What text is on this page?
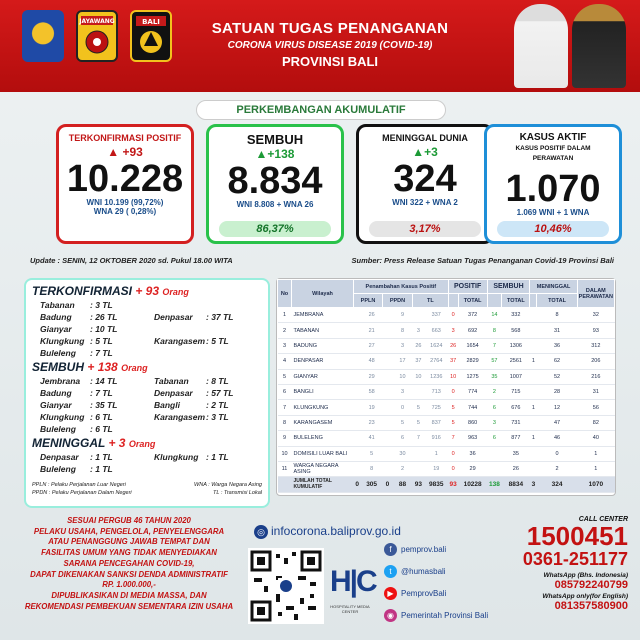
JAYAWANG	BALI	SATUAN TUGAS PENANGANAN
CORONA VIRUS DISEASE 2019 (COVID-19)
PROVINSI BALI
PERKEMBANGAN AKUMULATIF
TERKONFIRMASI POSITIF
▲ +93
10.228
WNI 10.199 (99,72%)
WNA 29 ( 0,28%)
SEMBUH
▲+138
8.834
WNI 8.808 + WNA 26
86,37%
MENINGGAL DUNIA
▲+3
324
WNI 322 + WNA 2
3,17%
KASUS AKTIF
KASUS POSITIF DALAM PERAWATAN
1.070
1.069 WNI + 1 WNA
10,46%
Update : SENIN, 12 OKTOBER 2020 sd. Pukul 18.00 WITA	Sumber: Press Release Satuan Tugas Penanganan Covid-19 Provinsi Bali
TERKONFIRMASI + 93 Orang
Tabanan : 3 TL
Badung : 26 TL	Denpasar : 37 TL
Gianyar : 10 TL
Klungkung : 5 TL	Karangasem : 5 TL
Buleleng : 7 TL
SEMBUH + 138 Orang
Jembrana : 14 TL	Tabanan : 8 TL
Badung : 7 TL	Denpasar : 57 TL
Gianyar : 35 TL	Bangli	: 2 TL
Klungkung : 6 TL	Karangasem : 3 TL
Buleleng : 6 TL
MENINGGAL + 3 Orang
Denpasar : 1 TL	Klungkung : 1 TL
Buleleng : 1 TL
PPLN : Pelaku Perjalanan Luar Negeri	WNA : Warga Negara Asing
PPDN : Pelaku Perjalanan Dalam Negeri	TL : Transmisi Lokal
No	Wilayah	Penambahan Kasus Positif						POSITIF		SEMBUH		MENINGGAL		DALAM PERAWATAN
		PPLN		PPDN		TL			TOTAL		TOTAL		TOTAL	
1	JEMBRANA		26		9		337	0	372	14	332		8	32
2	TABANAN		21		8	3	663	3	692	8	568		31	93
3	BADUNG		27		3	26	1624	26	1654	7	1306		36	312
4	DENPASAR		48		17	37	2764	37	2829	57	2561	1	62	206
5	GIANYAR		29		10	10	1236	10	1275	35	1007		52	216
6	BANGLI		58		3		713	0	774	2	715		28	31
7	KLUNGKUNG		19		0	5	725	5	744	6	676	1	12	56
8	KARANGASEM		23		5	5	837	5	860	3	731		47	82
9	BULELENG		41		6	7	916	7	963	6	877	1	46	40
10	DOMISILI LUAR BALI		5		30		1	0	36		35		0	1
11	WARGA NEGARA ASING		8		2		19	0	29		26		2	1
	JUMLAH TOTAL KUMULATIF	0	305	0	88	93	9835	93	10228	138	8834	3	324	1070
SESUAI PERGUB 46 TAHUN 2020
PELAKU USAHA, PENGELOLA, PENYELENGGARA
ATAU PENANGGUNG JAWAB TEMPAT DAN
FASILITAS UMUM YANG TIDAK MENYEDIAKAN
SARANA PENCEGAHAN COVID-19,
DAPAT DIKENAKAN SANKSI DENDA ADMINISTRATIF
RP. 1.000.000,-
DIPUBLIKASIKAN DI MEDIA MASSA, DAN
REKOMENDASI PEMBEKUAN SEMENTARA IZIN USAHA
◎ infocorona.baliprov.go.id
H|C
HOSPITALITY MEDIA CENTER
f pemprov.bali
t @humasbali
▶ PemprovBali
◉ Pemerintah Provinsi Bali
CALL CENTER
1500451
0361-251177
WhatsApp (Bhs. Indonesia)
085792240799
WhatsApp only(for English)
081357580900
